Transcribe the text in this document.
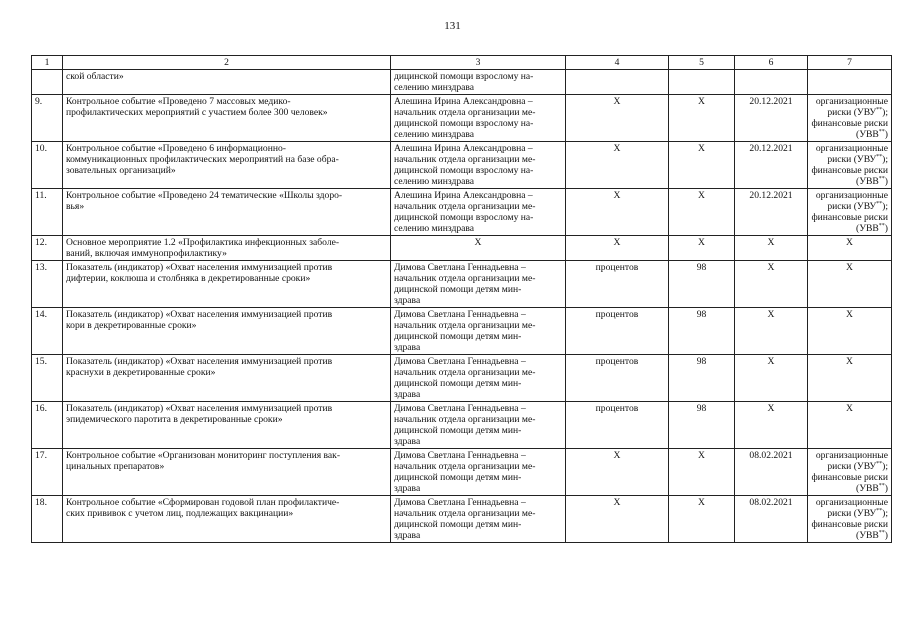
131
1	2	3	4	5	6	7

	ской области»	дицинской помощи взрослому на-
селению минздрава				

9.	Контрольное событие «Проведено 7 массовых медико-
профилактических мероприятий с участием более 300 человек»	Алешина Ирина Александровна –
начальник отдела организации ме-
дицинской помощи взрослому на-
селению минздрава	Х	Х	20.12.2021	организационные
риски (УВУ**);
финансовые риски
(УВВ**)

10.	Контрольное событие «Проведено 6 информационно-
коммуникационных профилактических мероприятий на базе обра-
зовательных организаций»	Алешина Ирина Александровна –
начальник отдела организации ме-
дицинской помощи взрослому на-
селению минздрава	Х	Х	20.12.2021	организационные
риски (УВУ**);
финансовые риски
(УВВ**)

11.	Контрольное событие «Проведено 24 тематические «Школы здоро-
вья»	Алешина Ирина Александровна –
начальник отдела организации ме-
дицинской помощи взрослому на-
селению минздрава	Х	Х	20.12.2021	организационные
риски (УВУ**);
финансовые риски
(УВВ**)

12.	Основное мероприятие 1.2 «Профилактика инфекционных заболе-
ваний, включая иммунопрофилактику»	Х	Х	Х	Х	Х

13.	Показатель (индикатор) «Охват населения иммунизацией против
дифтерии, коклюша и столбняка в декретированные сроки»	Димова Светлана Геннадьевна –
начальник отдела организации ме-
дицинской помощи детям мин-
здрава	процентов	98	Х	Х

14.	Показатель (индикатор) «Охват населения иммунизацией против
кори в декретированные сроки»	Димова Светлана Геннадьевна –
начальник отдела организации ме-
дицинской помощи детям мин-
здрава	процентов	98	Х	Х

15.	Показатель (индикатор) «Охват населения иммунизацией против
краснухи в декретированные сроки»	Димова Светлана Геннадьевна –
начальник отдела организации ме-
дицинской помощи детям мин-
здрава	процентов	98	Х	Х

16.	Показатель (индикатор) «Охват населения иммунизацией против
эпидемического паротита в декретированные сроки»	Димова Светлана Геннадьевна –
начальник отдела организации ме-
дицинской помощи детям мин-
здрава	процентов	98	Х	Х

17.	Контрольное событие «Организован мониторинг поступления вак-
цинальных препаратов»	Димова Светлана Геннадьевна –
начальник отдела организации ме-
дицинской помощи детям мин-
здрава	Х	Х	08.02.2021	организационные
риски (УВУ**);
финансовые риски
(УВВ**)

18.	Контрольное событие «Сформирован годовой план профилактиче-
ских прививок с учетом лиц, подлежащих вакцинации»	Димова Светлана Геннадьевна –
начальник отдела организации ме-
дицинской помощи детям мин-
здрава	Х	Х	08.02.2021	организационные
риски (УВУ**);
финансовые риски
(УВВ**)
